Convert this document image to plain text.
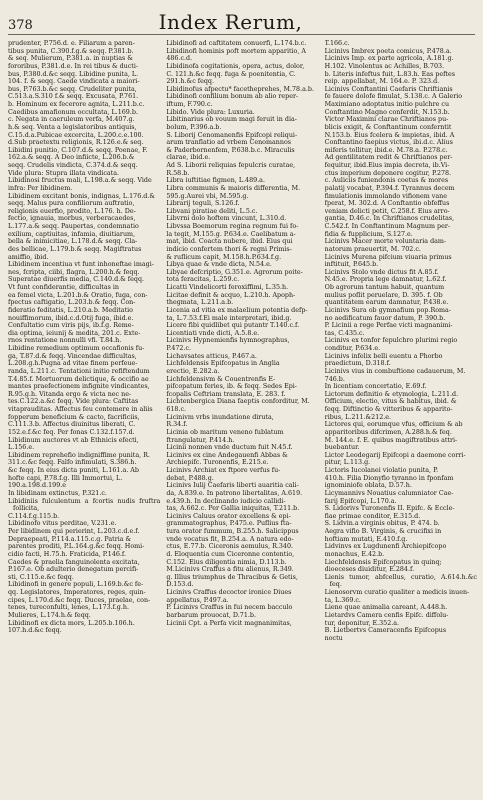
378	Index Rerum,

prudenter, P.756.d. e. Filiarum a paren-

tibus punita, C.390.f.g.& seqq. P.381.b.

& seq. Mulierum, P.381.a. in nuptias &

fororibus, P.381.d.e. In rei tibus & ducti-

bus, P.380.d.&c seqq. Libidine punita, L.

104. f. & seqq. Caede vindicata a maiori-

bus, P.763.b.&c seqq. Crudeliter punita,

C.513.a.S.310 f.& seqq. Excusata, P.761.

b. Hominum ex fecerore agnita, L.211.b.c.

Caedibus amafionum occultata, L.169.b.

c. Negata in caeruleum verfa, M.407.g.

h.& seq. Venta a legislatoribus antiquis,

C.15.d.a.Pubicae excercita, L.200.c.e.100.

d.Sub praetextu religionis, R.126.e.& seq.

Libidini punitio, C.107.d.& seqq. Poenae, F.

162.a.& seqq. A Deo infiicte, L.206.b.&

seqq. Crudelis vindicta, C.374.d.& seqq.

Vide plura: Stupra illata vindicata.

Libidinosi fructus mali, L.198.a.& seqq. Vide

infra: Per libidinem.

Libidinem excitant bonis, indignas, L.176.d.&

seqq. Malus pura confiliorum auftratio,

religionis euerfio, prodito, L.176. h. De-

fectio, ignauia, morbus, verberacaedes,

L.177.a.& seqq. Paupertas, condemnatio

exilium, captiuitas, infamia, diuitiarum,

bella & inimicitiae, L.178.d.& seqq. Cla-

des bellicae, L.179.b.& seqq. Magiftratus

amiffio, ibid.

Libidinem incentiua vt funt inhoneftae imagi-

nes, fcripta, ciibi, flagra, L.200.h.& feqq.

Superatae diuerfis media, C.140.d.& feqq.

Vt funt confiderantie, difficultas in

ea femel victa, L.201.b.& Oratio, fuga, con-

fpectus caftigatio, L.203.b.& feqq. Con-

fideratio feditatis, L.210.a.b. Meditatio

nouiffimorum, ibid.c.d.Otij fuga, ibid.e.

Confultatio cum viris pijs, ib.f.g. Reme-

dia optima, ieiunij & medita, 201.c. Exte-

rnos rentatione nonnulli vfi. T.84.h.

Libidine remedium optimum occafionis fu-

ga, T.87.d.& feqq. Vincendae difficultas,

L.208.g.h.Pugna ad vitae finem perfeue-

randa, L.211.c. Tentationi initio refiftendum

T.4.85.f. Mortuorum delictique, & occifio ae

mantes praefectionem infignite vindicantes,

R.95.g.h. Vitanda ergo & victa nec ne-

tes.C.122.a.&c feqq. Vide plura: Caftitas

vitaprauditas. Affectus feu contemere in aliis

fopperum beneficium & cacto, facrificiis,

C.111.3.b. Affectus diuinitus liberati, C.

152.e.f.&c feq. Per fonas C.132.f.157.d.

Libidinum auctores vt ab Ethnicis efecti,

L.156.e.

Libidinem reprehefio indigniffime punita, R.

311.c.&c feqq. Falfo infimulati, S.386.h.

&c feqq. In eius dicta puniti, L.161.a. Ab

hofte capi, P.78.f.g. Illi Immortui, L.

190.a.198.d.199.e

In libidinam extinctus, P.321.c.

Libidiniis fulculentum a fcortis nudis fruftra follicita,

C.114.f.g.115.b.

Libidinofo vitus perditae, V.231.e.

Per libidinem qui perierint, L.203.c.d.e.f.

Depraepeati, P.114.a.115.c.g. Patria &

parentes proditi, P.L.164.g.&c feqq. Homi-

cidio facti, H.75.h. Fraticida, P.146.f.

Caedes & praelia fanguinolenta excitata,

P.167.e. Ob adulterio denegatum percifi-

sti, C.115.e.&c feqq.

Libidinofi in genere populi, L.169.b.&c fe-

qq. Legislatores, Imperatores, reges, quin-

cipes, L.170.d.&c feqq. Duces, praelae, con-

tenes, tureconfulti, lenes, L.173.f.g.h.

Mulieres, L.174.h.& feqq.

Libidinofi ex dicta mors, L.205.b.106.h.

107.h.d.&c feqq.

Libidinofi ad caftitatem conuerfi, L.174.b.c.

Libidinofi hominis poft mortem apparitio, A

486.c.d.

Libidinofa cogitationis, opera, actus, dolor,

C. 121.h.&c feqq. fuga & poenitentia, C.

291.h.&c feqq.

Libidinofus afpectu* facetheprehes, M.78.a.b.

Libidinofi confilium bonum ab alio reper-

iftum, F.790.c.

Libido. Vide plura: Luxuria.

Libitinarius ob vouum magi feruit in dia-

bolum, P.396.a.b.

S. Liborij Cenomanenfis Epifcopi reliqui-

arum tranflatio ad vrbem Cenomannos

& Paderbornenfem, P.638.b.c. Miraculis

clarae, ibid.e.

Ad S. Liborii reliquias fepulcris curatae,

R.58.b.

Libra iuftitiae figmen, L.489.a.

Libra communis & maioris differentia, M.

595.g.Aurei vbi, M.595.g.

Librarij teguli, S.126.f.

Libvani piratiae deliti, L.5.c.

Libvrni dolo hoftem vincunt, L.310.d.

Libvssa Boemorum regina regnum fui fo-

la tegit, M.155.g. P.634.e. Caelibatum a-

mat, ibid. Coacta nubere, ibid. Eius qui

indicio confertem thori & regni Primis-

& ruflicum capit, M.158.h.P.634.f.g.

Libya quae & vnde dicta, N.54.e.

Libyae defcriptio, G.351.e. Agrorum poite-

tota feracitas, L.259.c.

Licatti Vindelicorti feroxiffimi, L.35.h.

Licitae definit & acquo, L.210.h. Apoph-

thegmata, L.211.a.b.

Licenia ad vitia ex malaelium potentia defp-

ta, L.7.53.f.Ei male interpretari, ibid.g.

Licere fibi quidlibet qui putantr T.140.c.f.

Licentiati vnde dicti, A.5.8.e.

Licinivs Hypnemienfis hymnographus,

P.472.c.

Lichavsates atticus, P.467.a.

Lichfeldensis Epifcopatus in Anglia

erectio, E.282.a.

Lichfeldensivm & Couentrenfis E-

pifcopatum feries, ib. & feqq. Sedes Epi-

fcopalis Ceftriam translata, E. 283. f.

Lichtenbergica Diana faeptis conforditur, M.

618.c.

Licinivm vrbs inundatione diruta,

R.34.f.

Licinia ob maritum veneno fublatum

ftrangulatur, P.414.h.

Licinii nonnen vnde ductum fuit N.45.f.

Licinivs ex cine Andegauenfi Abbas &

Archiepifc. Turonenfis, E.215.e.

Licinivs Archiat ex ftpore verfus fu-

debat, P.488.g.

Licinivs Iulij Caefaris liberti auaritia cali-

da, A.839.e. In patrono libertalitas, A.619.

e.439.h. In declinando iudicio callidi-

tas, A.662.c. Per Gallia iniquitas, T.211.b.

Licinivs Caluus orator excellens & epi-

grammatographus, P.475.e. Puflius fta-

tura orator fummum, B.255.h. Salicippus

vnde vocatus fit, B.254.a. A natura edo-

ctus, E.77.b. Ciceronis aemulus, R.340.

d. Eloquentia cum Ciceronne contentio,

C.152. Eius diligentia nimia, D.113.b.

M.Licinivs Craffus a fitu alienus, R.349.

g. Illius triumphus de Thracibus & Getis,

D.153.d.

Licinivs Craffus decoctor ironice Diues

appellatus, P.497.a.

P. Licinivs Craffus in fui necem bacculo

barbarum prouocat, D.71.b.

Licinii Cpt. a Perfa vicit magnanimitas,

T.166.c.

Licinivs Imbrex poeta comicus, P.478.a.

Licinivs Imp. ex parte agricola, A.181.g.

H.102. Vinolentus ac Achilles, B.703.

b. Literis infeftus fuit, L.83.h. Eas peftes

reip. appellabat, M. 164.e. P. 323.d.

Licinivs Conftantini Caefaris Chriftianis

fe fauere dolofe fimulat, S.138.c. A Galerio

Maximiano adoptatus initio pulchre cu

Conftantino Magno conferdit, N.153.b.

Victor Maximini clarae Chriftianos pu-

blicis exigit, & Conftantinum conferntit

N.153.b. Eius fcelera & impietas, ibid. A

Conftantino faepius victus, ibi.d.c. Alius

miferis tollitur, ibid.e. M.78.a. P.278.c.

Ad gentilitatem redit & Chriftianos per-

fequitur, ibid.Eius impia decreta, ib.Vi-

ctus imperium deponere cogitur, P.278.

c. Auliciis funiendonis coetus & mores

palatij vocabat, P.394.f. Tyrannus decem

fimulationis immolando vifionem vane

fperat, M. 302.d. A Conftantio obfeffus

veniam delicti petit, C.258.f. Eius arro-

gantia, D.46.c. In Chriftianos crudelitas,

C.542.f. In Conftantinum Magnum per-

fidia & fupplicium, S.127.e.

Licinivs Macer morte voluntaria dam-

natorum praeuertit, M. 702.c.

Licinivs Murena pifcium viuaria primus

inftituit, P.645.b.

Licinivs Stolo vnde dictus fit A.85.f.

N.45.e. Propria lege damnatur, L.62.f.

Ob agrorum tantum habuit, quantum

mulius poflit peruelare, D. 395. f. Ob

quantitatem earum damnatur, P.438.e.

Licinivs Sura ob gymnafium pop.Roma-

no aedificatum fauor datum, P. 390.b.

P. Licinii a rege Perfae victi magnanimi-

tas, C.435.c.

Licinivs ex tonfor fepulchro plurimi regio

conditur, P.634.e.

Licinivs infelix belli euentu a Phorbo

praedictum, D.318.f.

Licinivs vius in combuftione cadauerum, M.

746.b.

In licentiam concertatio, E.69.f.

Lictorum definitio & etymologia, L.211.d.

Officium, electio, vitus & habitus, ibid. &

feqq. Diftinctio & vitteribus & apparito-

ribus, L.211.&212.e.

Lictores qui, eorumque vfus, officium & ab

apparitoribus difcrimen, A.288.h.& feq.

M. 144.e. f. E. quibus magiftratibus attri-

buebantur.

Lictor Leodegarij Epifcopi a daemone corri-

pitur, L.113.g.

Lictoris Iucolanei violatio punita, P.

410.h. Filia Dionyfio tyranno in fponfam

ignominiofe oblata, D.57.h.

Licymannivs Nouatius calumniator Cae-

farij Epifcopi, L.170.a.

S. Lidorivs Turonenfis II. Epifc. & Eccle-

fiae primae conditor, E.315.d.

S. Lidvin.a virginis obitus, P. 474. b.

Aegra vifio B. Virginis, & crucifixi in

hoftiam mutati, E.410.f.g.

Lidvinvs ex Lugdunenfi Archiepifcopo

monachus, E.42.b.

Liechfeldensis Epifcopatus in quinq;

dioeceses diuiditur, E.284.f.

Lienis tumor, abfcellus, curatio, A.614.h.&c feq.

Lienosorvm curatio qualiter a medicis inuen-

ta, L.369.c.

Liene quae animalia careant, A.448.h.

Lietardvs Camera cenfis Epifc. diffolu-

tur, deponitur, E.352.a.

B. Lietbertvs Cameracenfis Epifcopus

noctu
